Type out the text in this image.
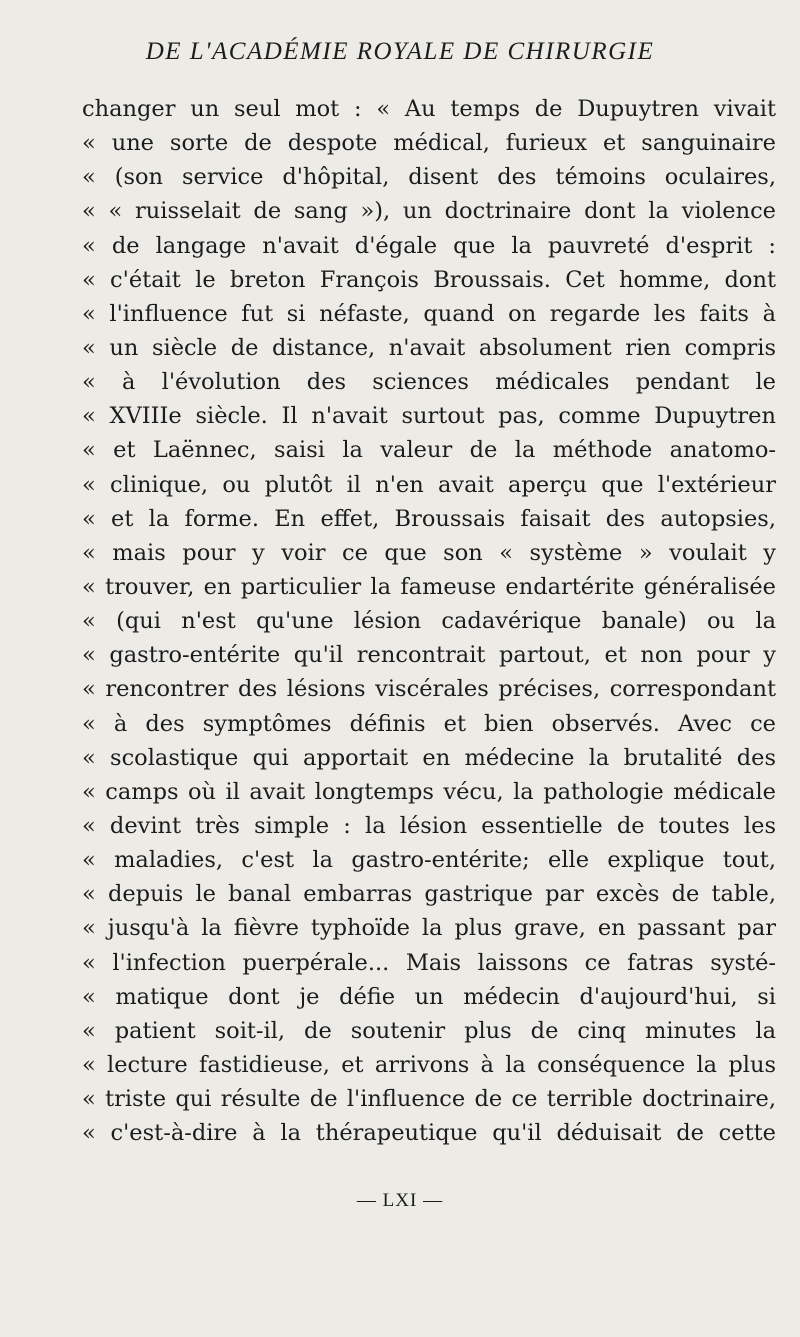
DE L'ACADÉMIE ROYALE DE CHIRURGIE
changer un seul mot : « Au temps de Dupuytren vivait
« une sorte de despote médical, furieux et sanguinaire
« (son service d'hôpital, disent des témoins oculaires,
« « ruisselait de sang »), un doctrinaire dont la violence
« de langage n'avait d'égale que la pauvreté d'esprit :
« c'était le breton François Broussais. Cet homme, dont
« l'influence fut si néfaste, quand on regarde les faits à
« un siècle de distance, n'avait absolument rien compris
« à l'évolution des sciences médicales pendant le
« XVIIIe siècle. Il n'avait surtout pas, comme Dupuytren
« et Laënnec, saisi la valeur de la méthode anatomo-
« clinique, ou plutôt il n'en avait aperçu que l'extérieur
« et la forme. En effet, Broussais faisait des autopsies,
« mais pour y voir ce que son « système » voulait y
« trouver, en particulier la fameuse endartérite généralisée
« (qui n'est qu'une lésion cadavérique banale) ou la
« gastro-entérite qu'il rencontrait partout, et non pour y
« rencontrer des lésions viscérales précises, correspondant
« à des symptômes définis et bien observés. Avec ce
« scolastique qui apportait en médecine la brutalité des
« camps où il avait longtemps vécu, la pathologie médicale
« devint très simple : la lésion essentielle de toutes les
« maladies, c'est la gastro-entérite; elle explique tout,
« depuis le banal embarras gastrique par excès de table,
« jusqu'à la fièvre typhoïde la plus grave, en passant par
« l'infection puerpérale... Mais laissons ce fatras systé-
« matique dont je défie un médecin d'aujourd'hui, si
« patient soit-il, de soutenir plus de cinq minutes la
« lecture fastidieuse, et arrivons à la conséquence la plus
« triste qui résulte de l'influence de ce terrible doctrinaire,
« c'est-à-dire à la thérapeutique qu'il déduisait de cette
— LXI —
